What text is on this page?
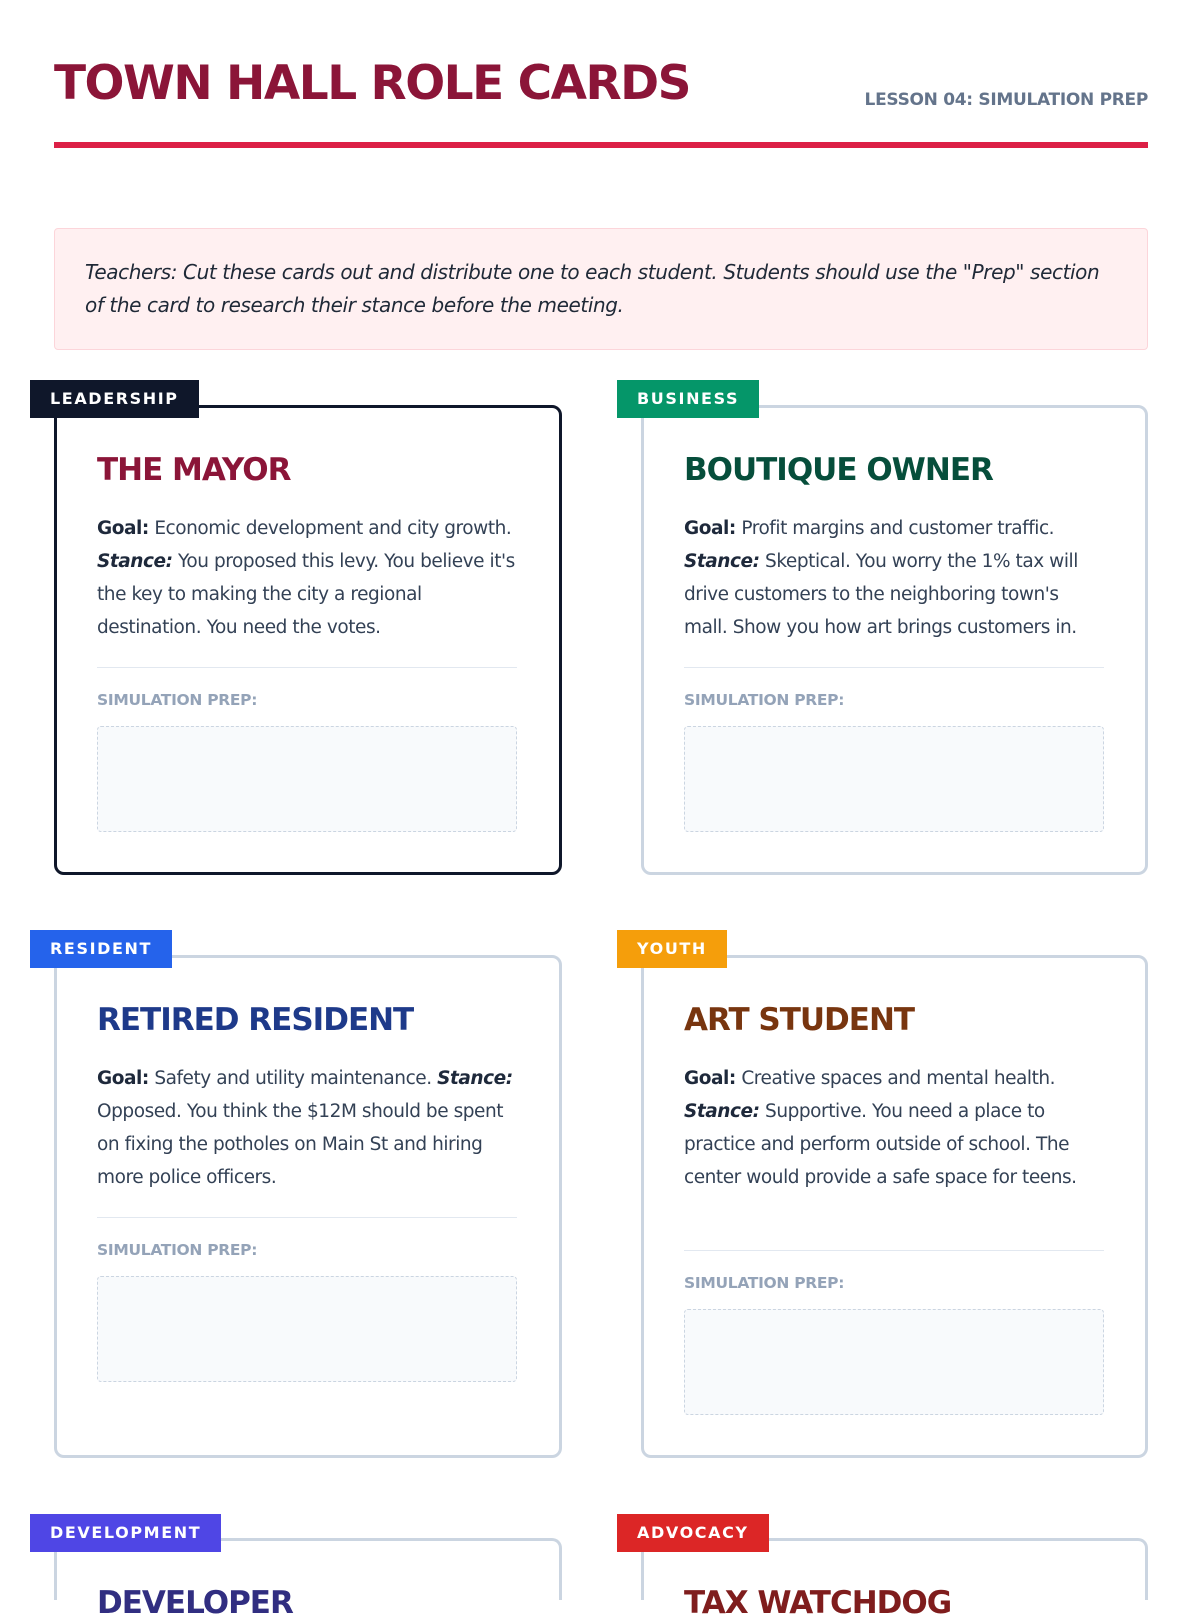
TOWN HALL ROLE CARDS	LESSON 04: SIMULATION PREP

Teachers: Cut these cards out and distribute one to each student. Students should use the "Prep" section of the card to research their stance before the meeting.

THE MAYOR
Goal: Economic development and city growth. Stance: You proposed this levy. You believe it's the key to making the city a regional destination. You need the votes.
SIMULATION PREP:
LEADERSHIP
BOUTIQUE OWNER
Goal: Profit margins and customer traffic. Stance: Skeptical. You worry the 1% tax will drive customers to the neighboring town's mall. Show you how art brings customers in.
SIMULATION PREP:
BUSINESS
RETIRED RESIDENT
Goal: Safety and utility maintenance. Stance: Opposed. You think the $12M should be spent on fixing the potholes on Main St and hiring more police officers.
SIMULATION PREP:
RESIDENT
ART STUDENT
Goal: Creative spaces and mental health. Stance: Supportive. You need a place to practice and perform outside of school. The center would provide a safe space for teens.
SIMULATION PREP:
YOUTH
DEVELOPER
DEVELOPMENT
TAX WATCHDOG
ADVOCACY
